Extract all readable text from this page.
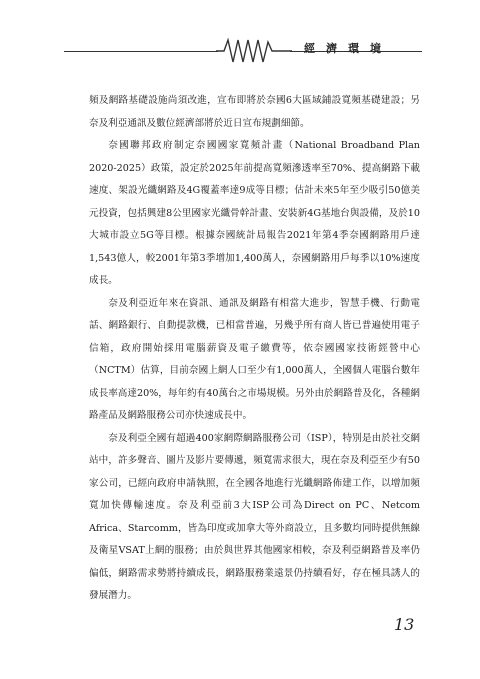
經濟環境

頻及網路基礎設施尚須改進，宣布即將於奈國6大區域鋪設寬頻基礎建設；另奈及利亞通訊及數位經濟部將於近日宣布規劃細節。

奈國聯邦政府制定奈國國家寬頻計畫（National Broadband Plan 2020-2025）政策，設定於2025年前提高寬頻滲透率至70%、提高網路下載速度、架設光纖網路及4G覆蓋率達9成等目標；估計未來5年至少吸引50億美元投資，包括興建8公里國家光纖骨幹計畫、安裝新4G基地台與設備，及於10大城市設立5G等目標。根據奈國統計局報告2021年第4季奈國網路用戶達1,543億人，較2001年第3季增加1,400萬人，奈國網路用戶每季以10%速度成長。

奈及利亞近年來在資訊、通訊及網路有相當大進步，智慧手機、行動電話、網路銀行、自動提款機，已相當普遍，另幾乎所有商人皆已普遍使用電子信箱，政府開始採用電腦薪資及電子繳費等，依奈國國家技術經營中心（NCTM）估算，目前奈國上網人口至少有1,000萬人，全國個人電腦台數年成長率高達20%，每年約有40萬台之市場規模。另外由於網路普及化，各種網路產品及網路服務公司亦快速成長中。

奈及利亞全國有超過400家網際網路服務公司（ISP），特別是由於社交網站中，許多聲音、圖片及影片要傳遞，頻寬需求很大，現在奈及利亞至少有50家公司，已經向政府申請執照，在全國各地進行光纖網路佈建工作，以增加頻寬加快傳輸速度。奈及利亞前3大ISP公司為Direct on PC、Netcom Africa、Starcomm，皆為印度或加拿大等外商設立，且多數均同時提供無線及衛星VSAT上網的服務；由於與世界其他國家相較，奈及利亞網路普及率仍偏低，網路需求勢將持續成長，網路服務業遠景仍持續看好，存在極具誘人的發展潛力。

13
